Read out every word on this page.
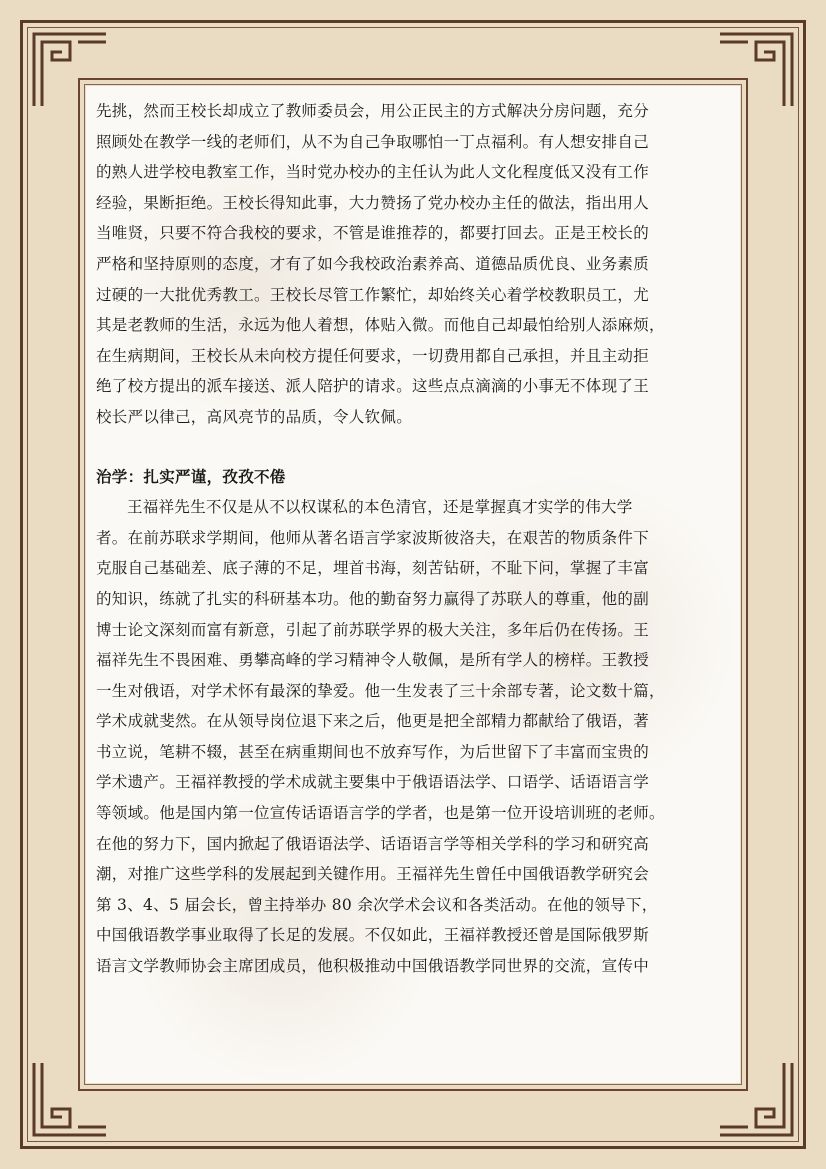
先挑，然而王校长却成立了教师委员会，用公正民主的方式解决分房问题，充分
照顾处在教学一线的老师们，从不为自己争取哪怕一丁点福利。有人想安排自己
的熟人进学校电教室工作，当时党办校办的主任认为此人文化程度低又没有工作
经验，果断拒绝。王校长得知此事，大力赞扬了党办校办主任的做法，指出用人
当唯贤，只要不符合我校的要求，不管是谁推荐的，都要打回去。正是王校长的
严格和坚持原则的态度，才有了如今我校政治素养高、道德品质优良、业务素质
过硬的一大批优秀教工。王校长尽管工作繁忙，却始终关心着学校教职员工，尤
其是老教师的生活，永远为他人着想，体贴入微。而他自己却最怕给别人添麻烦，
在生病期间，王校长从未向校方提任何要求，一切费用都自己承担，并且主动拒
绝了校方提出的派车接送、派人陪护的请求。这些点点滴滴的小事无不体现了王
校长严以律己，高风亮节的品质，令人钦佩。

治学：扎实严谨，孜孜不倦

王福祥先生不仅是从不以权谋私的本色清官，还是掌握真才实学的伟大学
者。在前苏联求学期间，他师从著名语言学家波斯彼洛夫，在艰苦的物质条件下
克服自己基础差、底子薄的不足，埋首书海，刻苦钻研，不耻下问，掌握了丰富
的知识，练就了扎实的科研基本功。他的勤奋努力赢得了苏联人的尊重，他的副
博士论文深刻而富有新意，引起了前苏联学界的极大关注，多年后仍在传扬。王
福祥先生不畏困难、勇攀高峰的学习精神令人敬佩，是所有学人的榜样。王教授
一生对俄语，对学术怀有最深的挚爱。他一生发表了三十余部专著，论文数十篇，
学术成就斐然。在从领导岗位退下来之后，他更是把全部精力都献给了俄语，著
书立说，笔耕不辍，甚至在病重期间也不放弃写作，为后世留下了丰富而宝贵的
学术遗产。王福祥教授的学术成就主要集中于俄语语法学、口语学、话语语言学
等领域。他是国内第一位宣传话语语言学的学者，也是第一位开设培训班的老师。
在他的努力下，国内掀起了俄语语法学、话语语言学等相关学科的学习和研究高
潮，对推广这些学科的发展起到关键作用。王福祥先生曾任中国俄语教学研究会
第 3、4、5 届会长，曾主持举办 80 余次学术会议和各类活动。在他的领导下，
中国俄语教学事业取得了长足的发展。不仅如此，王福祥教授还曾是国际俄罗斯
语言文学教师协会主席团成员，他积极推动中国俄语教学同世界的交流，宣传中
